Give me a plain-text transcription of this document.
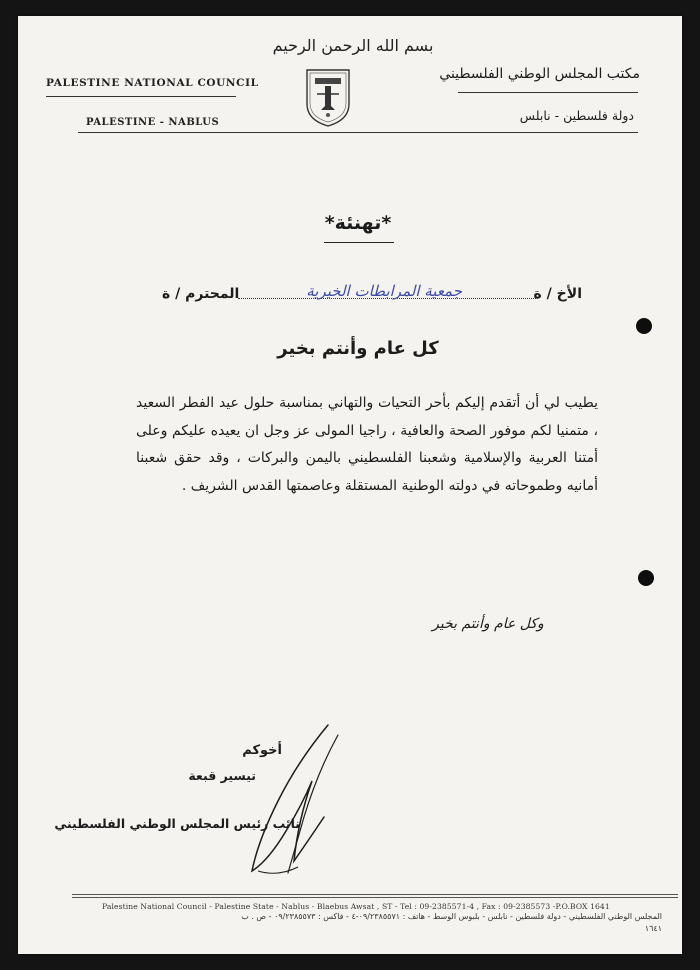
بسم الله الرحمن الرحيم
PALESTINE NATIONAL COUNCIL
PALESTINE - NABLUS
مكتب المجلس الوطني الفلسطيني
دولة فلسطين - نابلس
*تهنئة*
الأخ / ة
جمعية المرابطات الخيرية
المحترم / ة
كل عام وأنتم بخير
يطيب لي أن أتقدم إليكم بأحر التحيات والتهاني بمناسبة حلول عيد الفطر السعيد ، متمنيا لكم موفور الصحة والعافية ، راجيا المولى عز وجل ان يعيده عليكم وعلى أمتنا العربية والإسلامية وشعبنا الفلسطيني باليمن والبركات ، وقد حقق شعبنا أمانيه وطموحاته في دولته الوطنية المستقلة وعاصمتها القدس الشريف .
وكل عام وأنتم بخير
أخوكم
تيسير قبعة
نائب رئيس المجلس الوطني الفلسطيني
Palestine National Council - Palestine State - Nablus - Blaebus Awsat , ST - Tel : 09-2385571-4 , Fax : 09-2385573 -P.O.BOX 1641
المجلس الوطني الفلسطيني - دولة فلسطين - نابلس - بلبوس الوسط - هاتف : ٠٩/٢٣٨٥٥٧١-٤ - فاكس : ٠٩/٢٣٨٥٥٧٣ - ص . ب
١٦٤١
